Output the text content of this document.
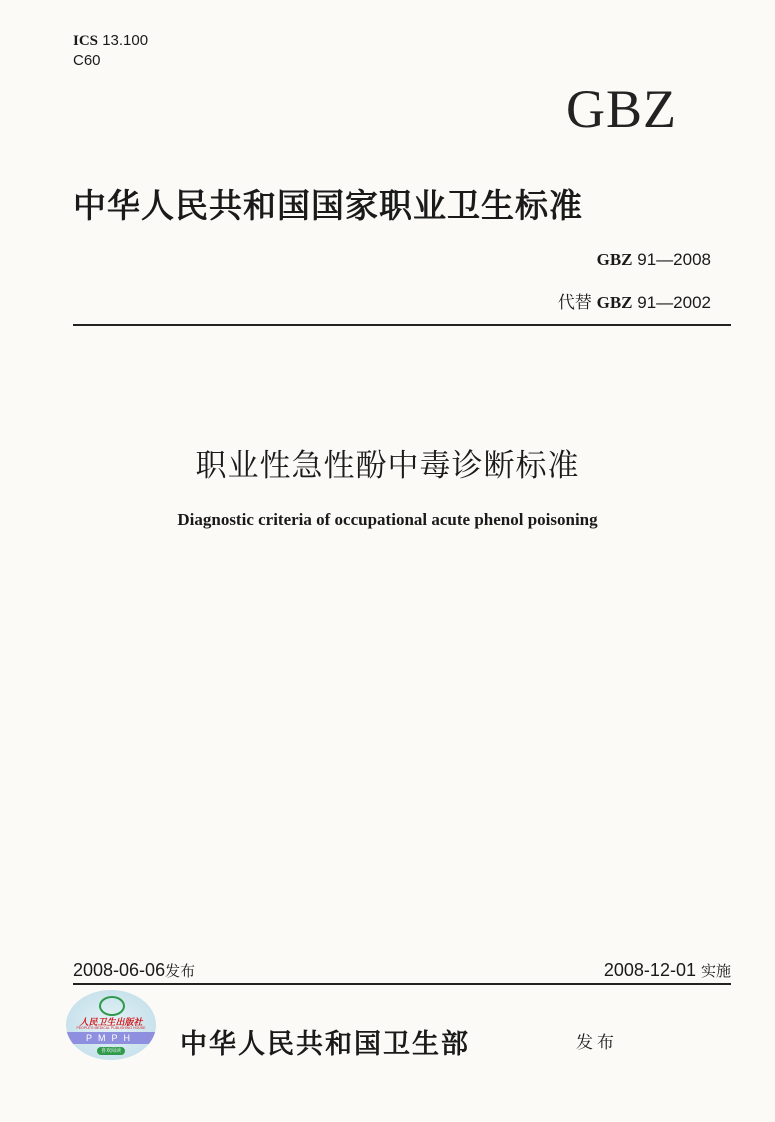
ICS 13.100
C60
GBZ
中华人民共和国国家职业卫生标准
GBZ 91—2008
代替 GBZ 91—2002
职业性急性酚中毒诊断标准
Diagnostic criteria of occupational acute phenol poisoning
2008-06-06发布	2008-12-01 实施
人民卫生出版社
PEOPLE'S MEDICAL PUBLISHING HOUSE
PMPH
喜欢阅读 中华人民共和国卫生部	发布
